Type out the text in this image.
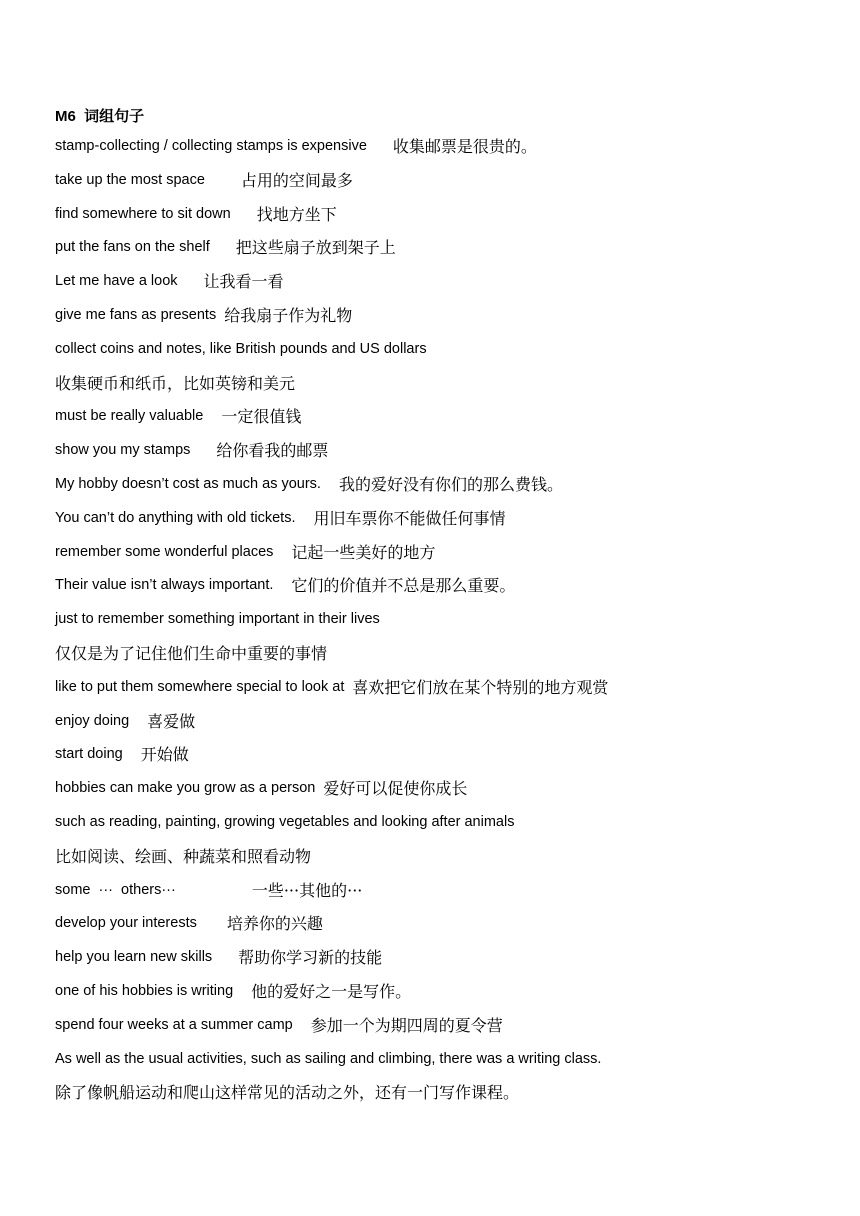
M6  词组句子
stamp-collecting / collecting stamps is expensive 收集邮票是很贵的。
take up the most space 占用的空间最多
find somewhere to sit down 找地方坐下
put the fans on the shelf 把这些扇子放到架子上
Let me have a look 让我看一看
give me fans as presents 给我扇子作为礼物
collect coins and notes, like British pounds and US dollars
收集硬币和纸币，比如英镑和美元
must be really valuable 一定很值钱
show you my stamps 给你看我的邮票
My hobby doesn’t cost as much as yours. 我的爱好没有你们的那么费钱。
You can’t do anything with old tickets. 用旧车票你不能做任何事情
remember some wonderful places 记起一些美好的地方
Their value isn’t always important. 它们的价值并不总是那么重要。
just to remember something important in their lives
仅仅是为了记住他们生命中重要的事情
like to put them somewhere special to look at 喜欢把它们放在某个特别的地方观赏
enjoy doing 喜爱做
start doing 开始做
hobbies can make you grow as a person 爱好可以促使你成长
such as reading, painting, growing vegetables and looking after animals
比如阅读、绘画、种蔬菜和照看动物
some  ···  others···	一些···其他的···
develop your interests 培养你的兴趣
help you learn new skills 帮助你学习新的技能
one of his hobbies is writing 他的爱好之一是写作。
spend four weeks at a summer camp 参加一个为期四周的夏令营
As well as the usual activities, such as sailing and climbing, there was a writing class.
除了像帆船运动和爬山这样常见的活动之外，还有一门写作课程。
